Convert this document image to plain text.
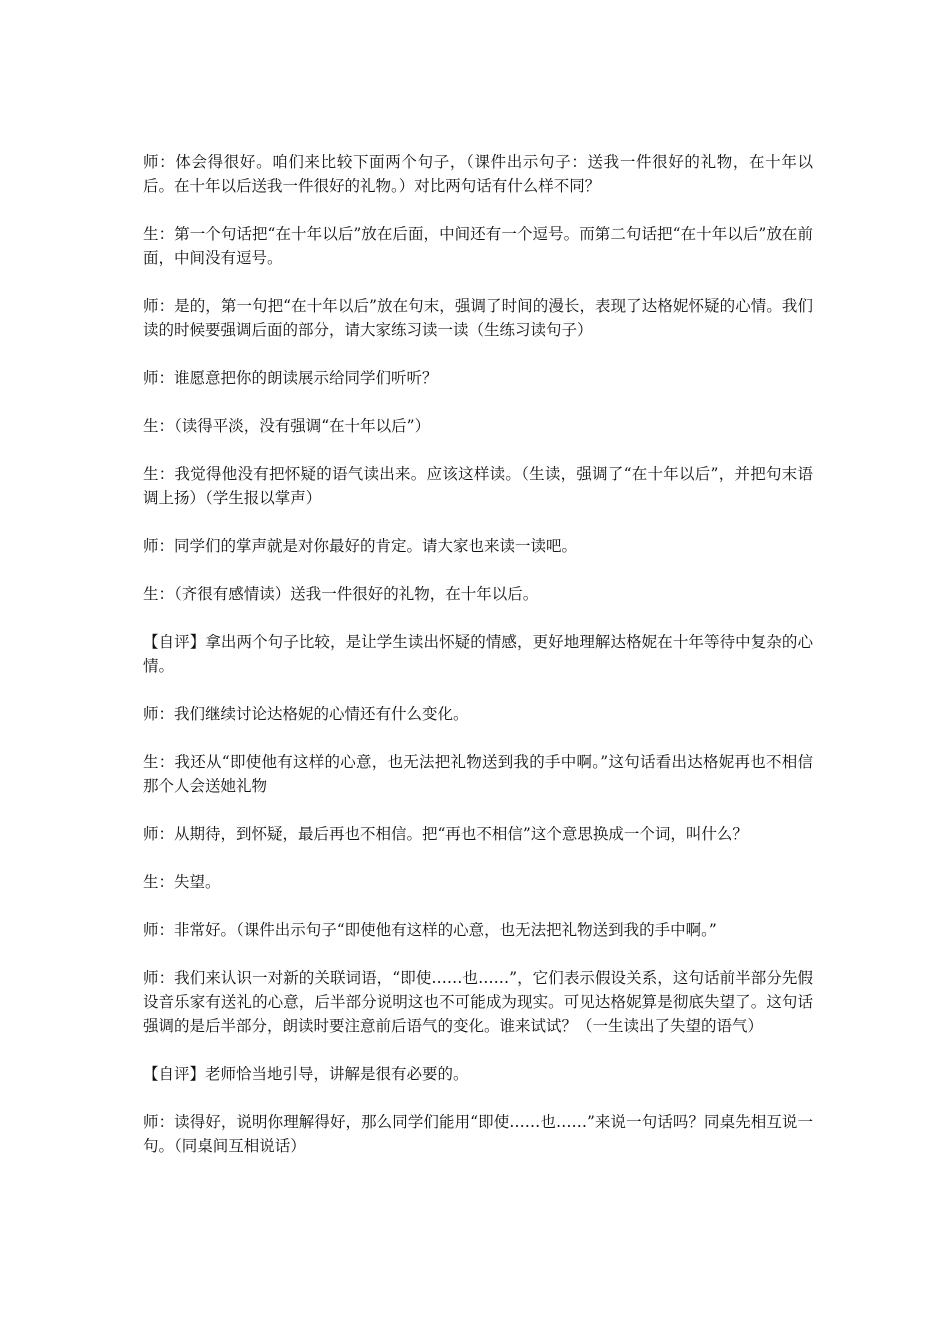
师：体会得很好。咱们来比较下面两个句子，（课件出示句子：送我一件很好的礼物，在十年以后。在十年以后送我一件很好的礼物。）对比两句话有什么样不同？

生：第一个句话把“在十年以后”放在后面，中间还有一个逗号。而第二句话把“在十年以后”放在前面，中间没有逗号。

师：是的，第一句把“在十年以后”放在句末，强调了时间的漫长，表现了达格妮怀疑的心情。我们读的时候要强调后面的部分，请大家练习读一读（生练习读句子）

师：谁愿意把你的朗读展示给同学们听听？

生：（读得平淡，没有强调“在十年以后”）

生：我觉得他没有把怀疑的语气读出来。应该这样读。（生读，强调了“在十年以后”，并把句末语调上扬）（学生报以掌声）

师：同学们的掌声就是对你最好的肯定。请大家也来读一读吧。

生：（齐很有感情读）送我一件很好的礼物，在十年以后。

【自评】拿出两个句子比较，是让学生读出怀疑的情感，更好地理解达格妮在十年等待中复杂的心情。

师：我们继续讨论达格妮的心情还有什么变化。

生：我还从“即使他有这样的心意，也无法把礼物送到我的手中啊。”这句话看出达格妮再也不相信那个人会送她礼物

师：从期待，到怀疑，最后再也不相信。把“再也不相信”这个意思换成一个词，叫什么？

生：失望。

师：非常好。（课件出示句子“即使他有这样的心意，也无法把礼物送到我的手中啊。”

师：我们来认识一对新的关联词语，“即使……也……”，它们表示假设关系，这句话前半部分先假设音乐家有送礼的心意，后半部分说明这也不可能成为现实。可见达格妮算是彻底失望了。这句话强调的是后半部分，朗读时要注意前后语气的变化。谁来试试？（一生读出了失望的语气）

【自评】老师恰当地引导，讲解是很有必要的。

师：读得好，说明你理解得好，那么同学们能用“即使……也……”来说一句话吗？同桌先相互说一句。（同桌间互相说话）
